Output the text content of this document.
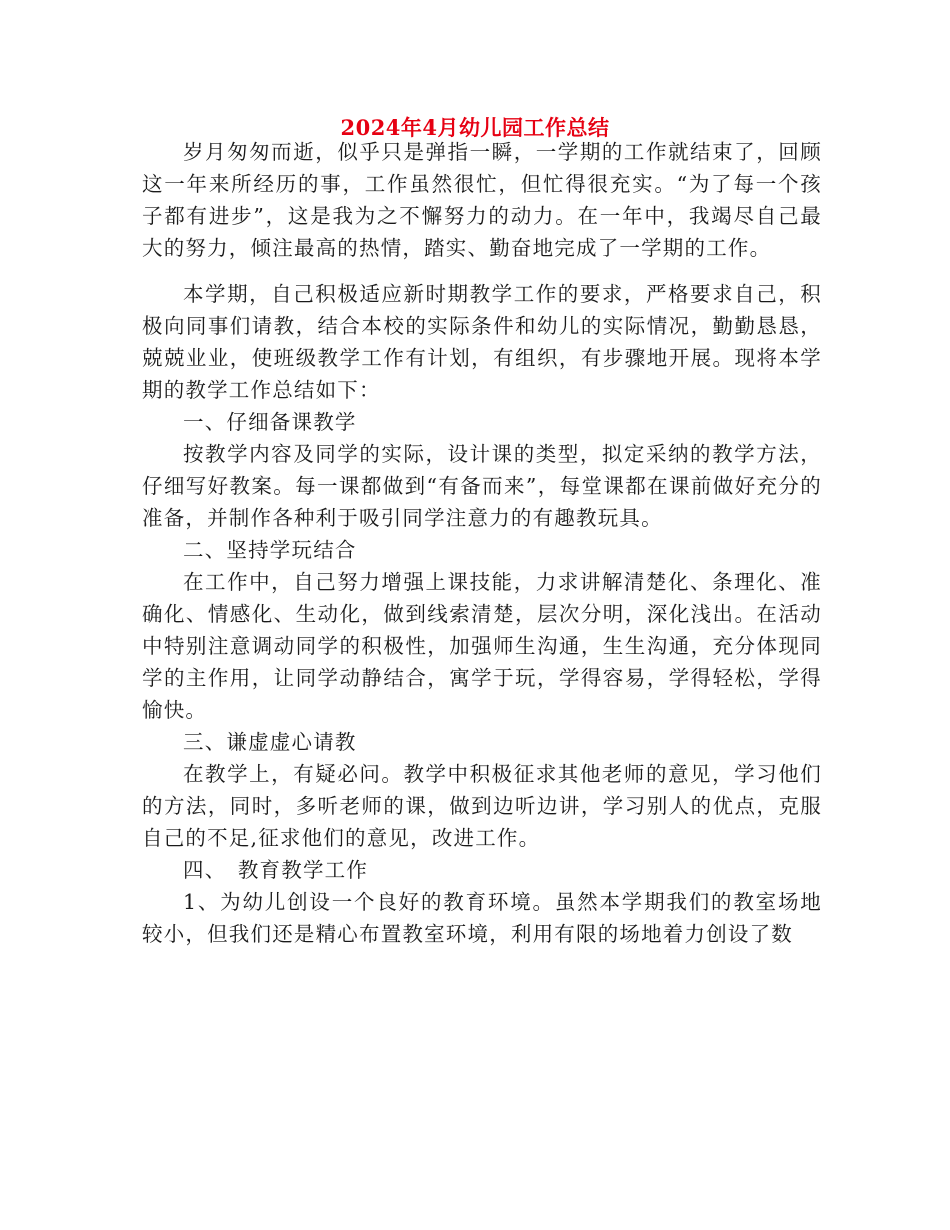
2024年4月幼儿园工作总结

岁月匆匆而逝，似乎只是弹指一瞬，一学期的工作就结束了，回顾这一年来所经历的事，工作虽然很忙，但忙得很充实。“为了每一个孩子都有进步”，这是我为之不懈努力的动力。在一年中，我竭尽自己最大的努力，倾注最高的热情，踏实、勤奋地完成了一学期的工作。

本学期，自己积极适应新时期教学工作的要求，严格要求自己，积极向同事们请教，结合本校的实际条件和幼儿的实际情况，勤勤恳恳，兢兢业业，使班级教学工作有计划，有组织，有步骤地开展。现将本学期的教学工作总结如下：

一、仔细备课教学

按教学内容及同学的实际，设计课的类型，拟定采纳的教学方法，仔细写好教案。每一课都做到“有备而来”，每堂课都在课前做好充分的准备，并制作各种利于吸引同学注意力的有趣教玩具。

二、坚持学玩结合

在工作中，自己努力增强上课技能，力求讲解清楚化、条理化、准确化、情感化、生动化，做到线索清楚，层次分明，深化浅出。在活动中特别注意调动同学的积极性，加强师生沟通，生生沟通，充分体现同学的主作用，让同学动静结合，寓学于玩，学得容易，学得轻松，学得愉快。

三、谦虚虚心请教

在教学上，有疑必问。教学中积极征求其他老师的意见，学习他们的方法，同时，多听老师的课，做到边听边讲，学习别人的优点，克服自己的不足,征求他们的意见，改进工作。

四、　教育教学工作

1、为幼儿创设一个良好的教育环境。虽然本学期我们的教室场地较小，但我们还是精心布置教室环境，利用有限的场地着力创设了数
